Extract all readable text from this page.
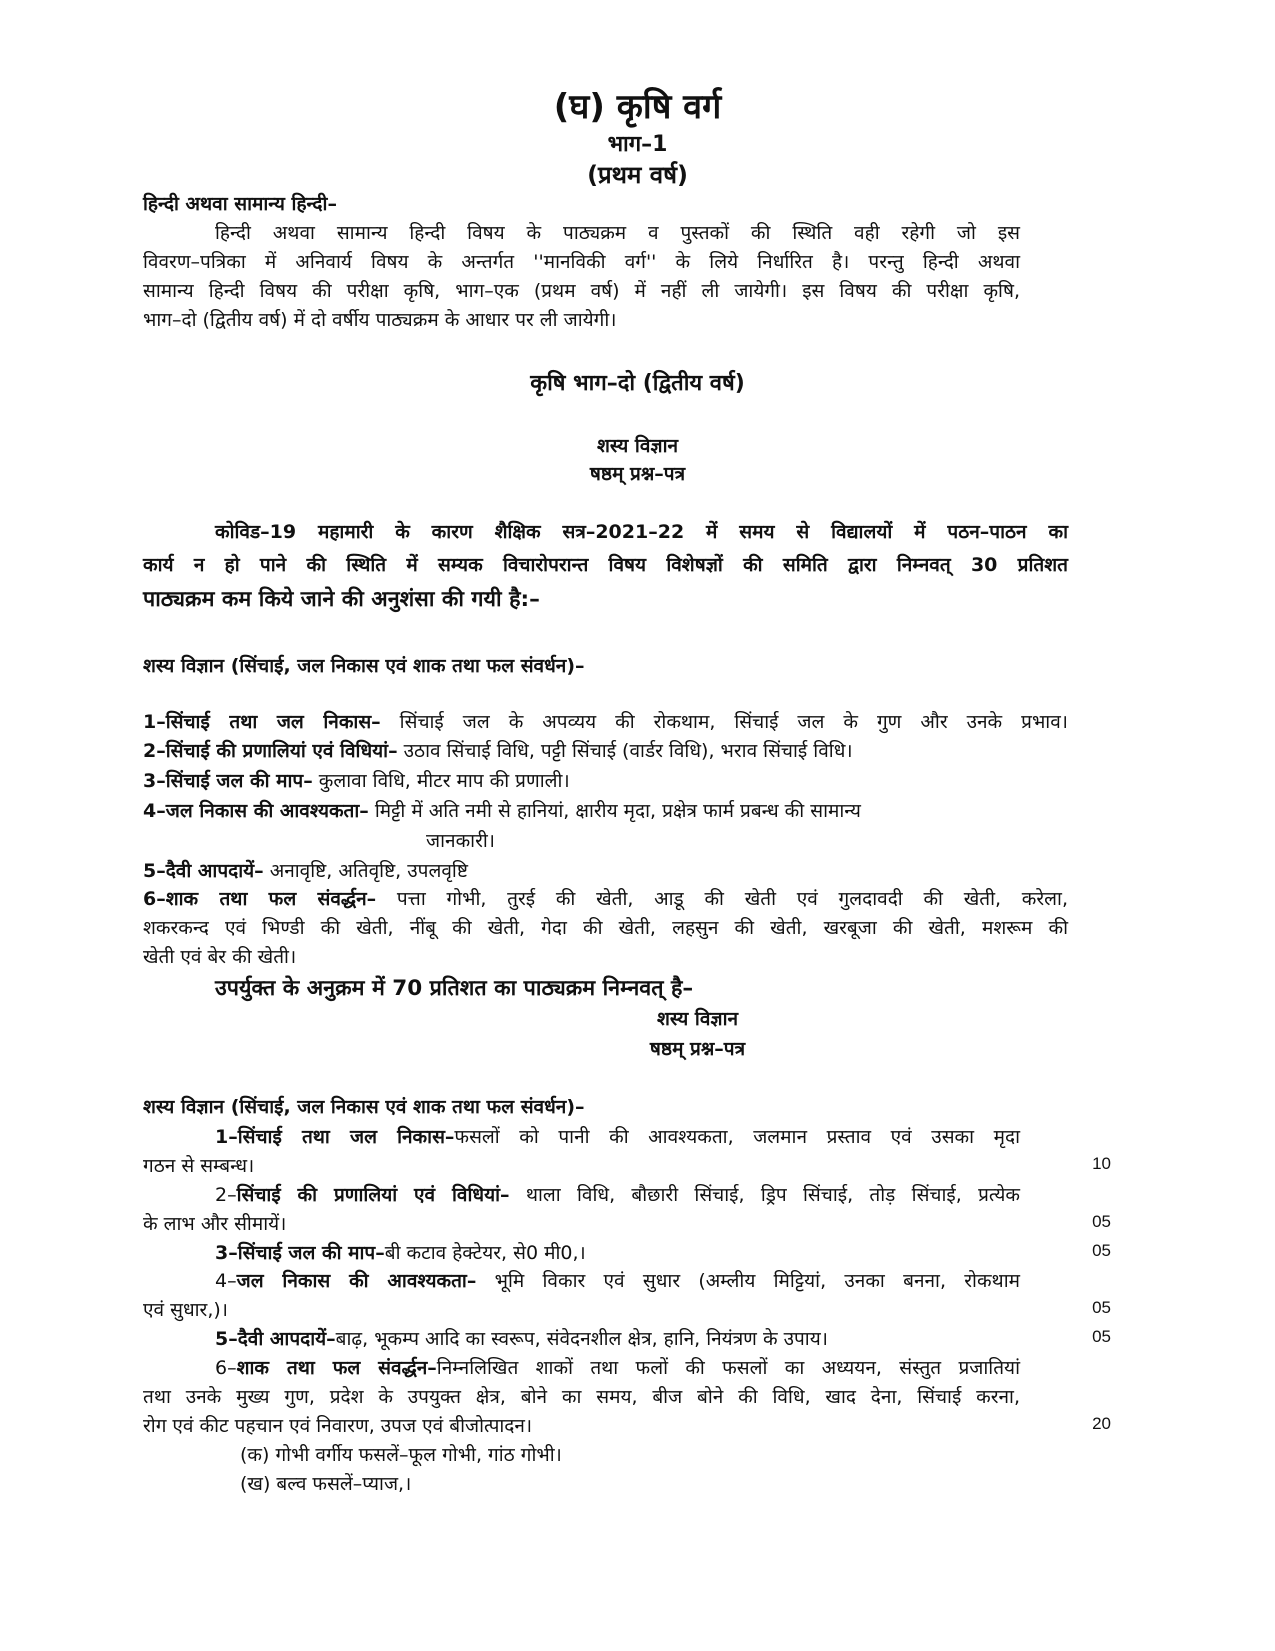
(घ) कृषि वर्ग
भाग–1
(प्रथम वर्ष)
हिन्दी अथवा सामान्य हिन्दी–
हिन्दी अथवा सामान्य हिन्दी विषय के पाठ्यक्रम व पुस्तकों की स्थिति वही रहेगी जो इस
विवरण–पत्रिका में अनिवार्य विषय के अन्तर्गत ''मानविकी वर्ग'' के लिये निर्धारित है। परन्तु हिन्दी अथवा
सामान्य हिन्दी विषय की परीक्षा कृषि, भाग–एक (प्रथम वर्ष) में नहीं ली जायेगी। इस विषय की परीक्षा कृषि,
भाग–दो (द्वितीय वर्ष) में दो वर्षीय पाठ्यक्रम के आधार पर ली जायेगी।
कृषि भाग–दो (द्वितीय वर्ष)
शस्य विज्ञान
षष्ठम् प्रश्न–पत्र
कोविड–19 महामारी के कारण शैक्षिक सत्र–2021–22 में समय से विद्यालयों में पठन–पाठन का
कार्य न हो पाने की स्थिति में सम्यक विचारोपरान्त विषय विशेषज्ञों की समिति द्वारा निम्नवत् 30 प्रतिशत
पाठ्यक्रम कम किये जाने की अनुशंसा की गयी है:–
शस्य विज्ञान (सिंचाई, जल निकास एवं शाक तथा फल संवर्धन)–
1–सिंचाई तथा जल निकास– सिंचाई जल के अपव्यय की रोकथाम, सिंचाई जल के गुण और उनके प्रभाव।
2–सिंचाई की प्रणालियां एवं विधियां– उठाव सिंचाई विधि, पट्टी सिंचाई (वार्डर विधि), भराव सिंचाई विधि।
3–सिंचाई जल की माप– कुलावा विधि, मीटर माप की प्रणाली।
4–जल निकास की आवश्यकता– मिट्टी में अति नमी से हानियां, क्षारीय मृदा, प्रक्षेत्र फार्म प्रबन्ध की सामान्य
जानकारी।
5–दैवी आपदायें– अनावृष्टि, अतिवृष्टि, उपलवृष्टि
6–शाक तथा फल संवर्द्धन– पत्ता गोभी, तुरई की खेती, आडू की खेती एवं गुलदावदी की खेती, करेला,
शकरकन्द एवं भिण्डी की खेती, नींबू की खेती, गेदा की खेती, लहसुन की खेती, खरबूजा की खेती, मशरूम की
खेती एवं बेर की खेती।
उपर्युक्त के अनुक्रम में 70 प्रतिशत का पाठ्यक्रम निम्नवत् है–
शस्य विज्ञान
षष्ठम् प्रश्न–पत्र
शस्य विज्ञान (सिंचाई, जल निकास एवं शाक तथा फल संवर्धन)–
1–सिंचाई तथा जल निकास–फसलों को पानी की आवश्यकता, जलमान प्रस्ताव एवं उसका मृदा
गठन से सम्बन्ध।	10
2–सिंचाई की प्रणालियां एवं विधियां– थाला विधि, बौछारी सिंचाई, ड्रिप सिंचाई, तोड़ सिंचाई, प्रत्येक
के लाभ और सीमायें।	05
3–सिंचाई जल की माप–बी कटाव हेक्टेयर, से0 मी0,।	05
4–जल निकास की आवश्यकता– भूमि विकार एवं सुधार (अम्लीय मिट्टियां, उनका बनना, रोकथाम
एवं सुधार,)।	05
5–दैवी आपदायें–बाढ़, भूकम्प आदि का स्वरूप, संवेदनशील क्षेत्र, हानि, नियंत्रण के उपाय।	05
6–शाक तथा फल संवर्द्धन–निम्नलिखित शाकों तथा फलों की फसलों का अध्ययन, संस्तुत प्रजातियां
तथा उनके मुख्य गुण, प्रदेश के उपयुक्त क्षेत्र, बोने का समय, बीज बोने की विधि, खाद देना, सिंचाई करना,
रोग एवं कीट पहचान एवं निवारण, उपज एवं बीजोत्पादन।	20
(क) गोभी वर्गीय फसलें–फूल गोभी, गांठ गोभी।
(ख) बल्व फसलें–प्याज,।
